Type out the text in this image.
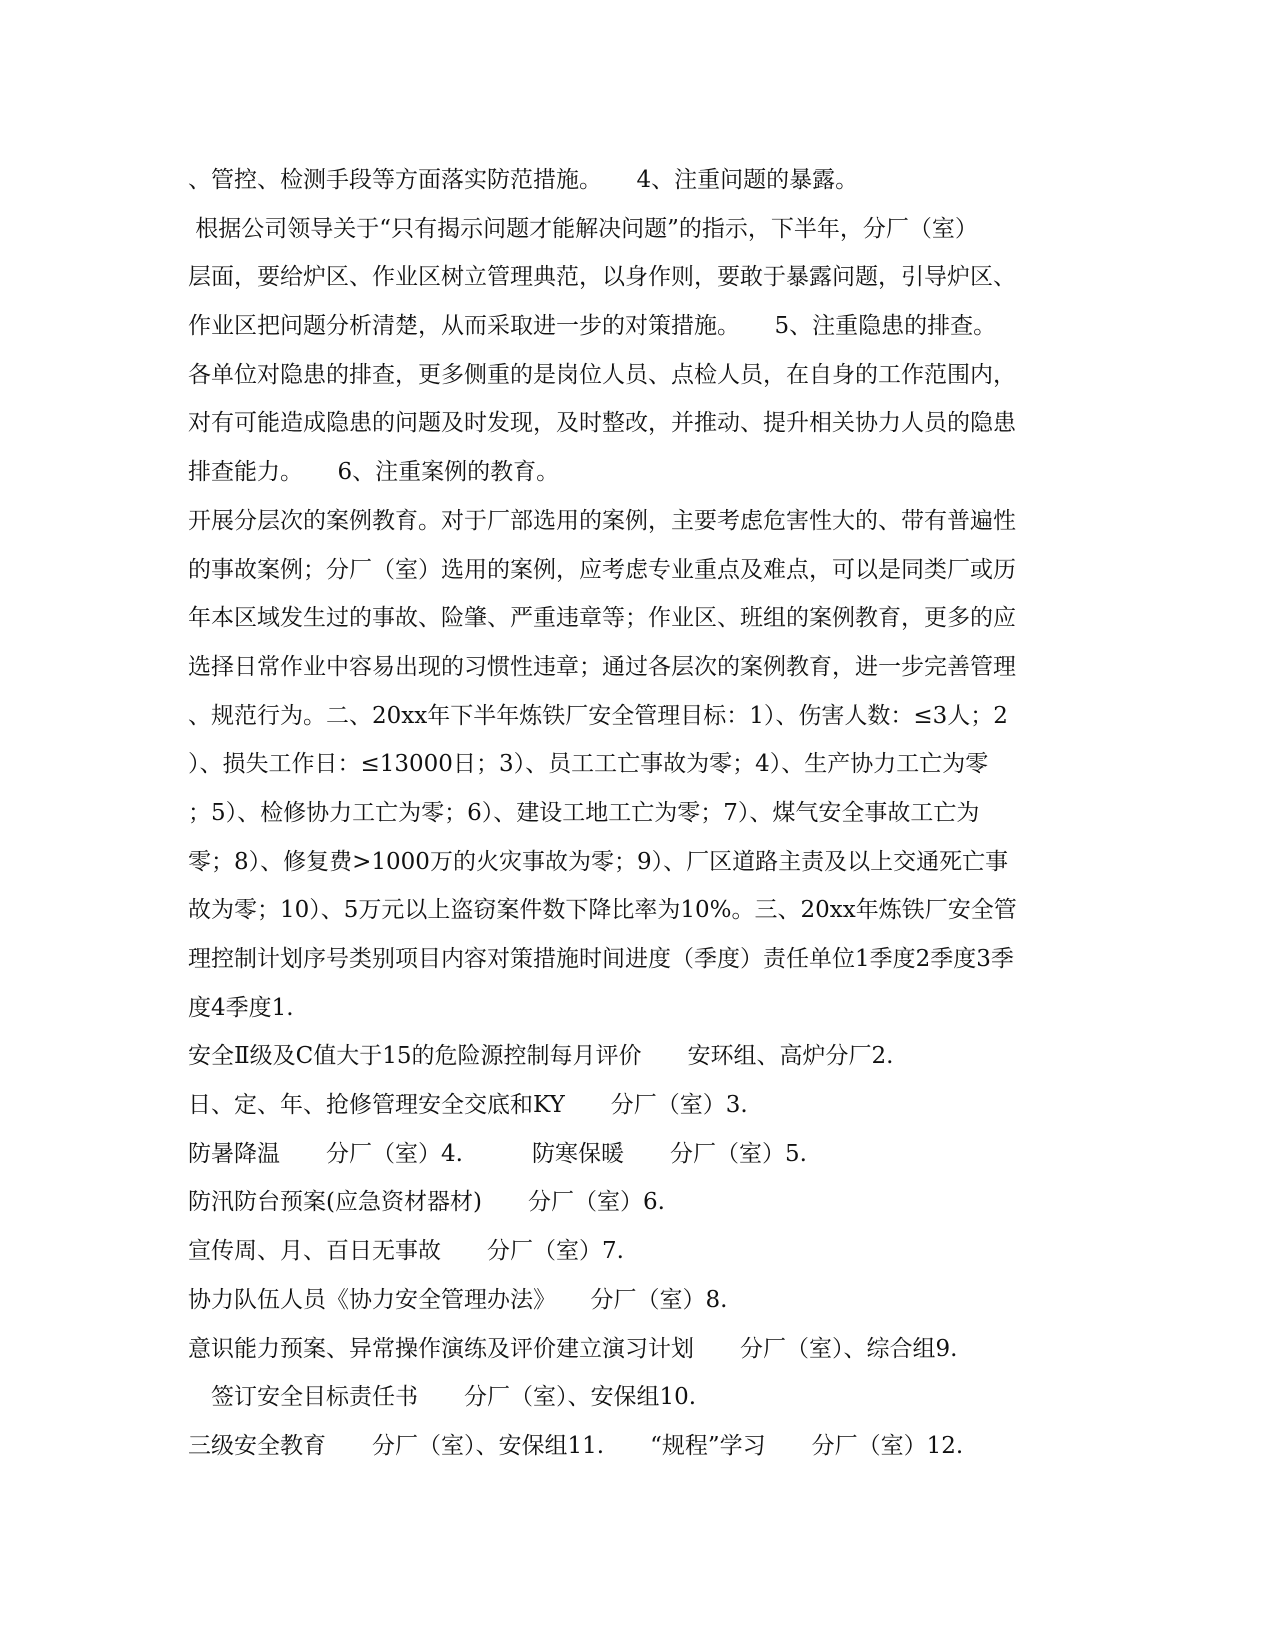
、管控、检测手段等方面落实防范措施。　　4、注重问题的暴露。
根据公司领导关于“只有揭示问题才能解决问题”的指示，下半年，分厂（室）
层面，要给炉区、作业区树立管理典范，以身作则，要敢于暴露问题，引导炉区、
作业区把问题分析清楚，从而采取进一步的对策措施。　　5、注重隐患的排查。
各单位对隐患的排查，更多侧重的是岗位人员、点检人员，在自身的工作范围内，
对有可能造成隐患的问题及时发现，及时整改，并推动、提升相关协力人员的隐患
排查能力。　　6、注重案例的教育。
开展分层次的案例教育。对于厂部选用的案例，主要考虑危害性大的、带有普遍性
的事故案例；分厂（室）选用的案例，应考虑专业重点及难点，可以是同类厂或历
年本区域发生过的事故、险肇、严重违章等；作业区、班组的案例教育，更多的应
选择日常作业中容易出现的习惯性违章；通过各层次的案例教育，进一步完善管理
、规范行为。二、20xx年下半年炼铁厂安全管理目标：1）、伤害人数：≤3人；2
）、损失工作日：≤13000日；3）、员工工亡事故为零；4）、生产协力工亡为零
；5）、检修协力工亡为零；6）、建设工地工亡为零；7）、煤气安全事故工亡为
零；8）、修复费>1000万的火灾事故为零；9）、厂区道路主责及以上交通死亡事
故为零；10）、5万元以上盗窃案件数下降比率为10%。三、20xx年炼铁厂安全管
理控制计划序号类别项目内容对策措施时间进度（季度）责任单位1季度2季度3季
度4季度1.
安全Ⅱ级及C值大于15的危险源控制每月评价　　安环组、高炉分厂2.
日、定、年、抢修管理安全交底和KY　　分厂（室）3.
防暑降温　　分厂（室）4.　　　防寒保暖　　分厂（室）5.
防汛防台预案(应急资材器材)　　分厂（室）6.
宣传周、月、百日无事故　　分厂（室）7.
协力队伍人员《协力安全管理办法》　　分厂（室）8.
意识能力预案、异常操作演练及评价建立演习计划　　分厂（室）、综合组9.
　签订安全目标责任书　　分厂（室）、安保组10.
三级安全教育　　分厂（室）、安保组11.　　“规程”学习　　分厂（室）12.
